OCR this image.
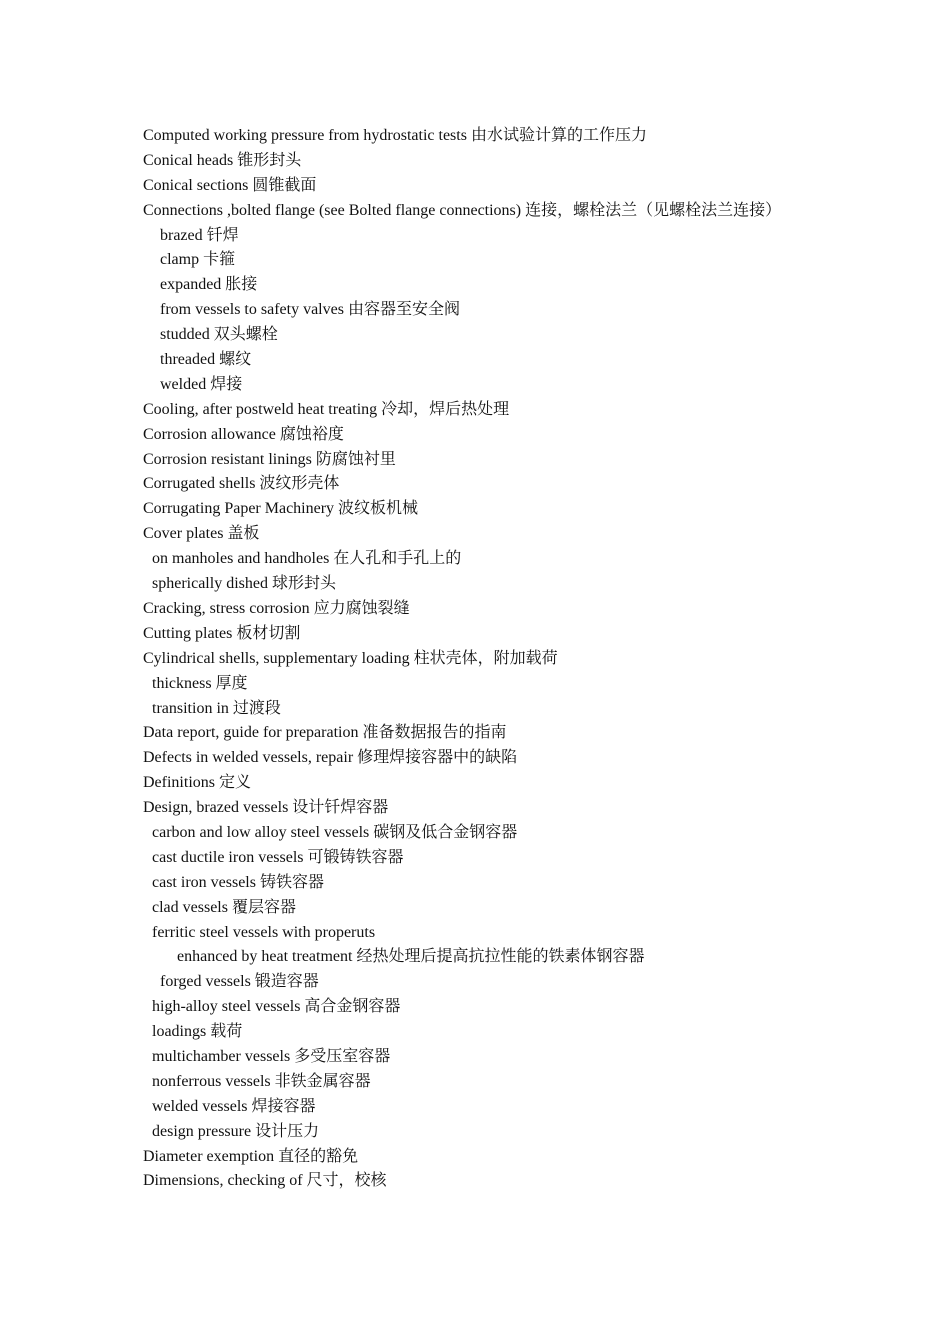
Computed working pressure from hydrostatic tests 由水试验计算的工作压力
Conical heads 锥形封头
Conical sections 圆锥截面
Connections ,bolted flange (see Bolted flange connections) 连接，螺栓法兰（见螺栓法兰连接）
brazed 钎焊
clamp 卡箍
expanded 胀接
from vessels to safety valves 由容器至安全阀
studded 双头螺栓
threaded 螺纹
welded 焊接
Cooling, after postweld heat treating 冷却，焊后热处理
Corrosion allowance 腐蚀裕度
Corrosion resistant linings 防腐蚀衬里
Corrugated shells 波纹形壳体
Corrugating Paper Machinery 波纹板机械
Cover plates 盖板
on manholes and handholes 在人孔和手孔上的
spherically dished 球形封头
Cracking, stress corrosion 应力腐蚀裂缝
Cutting plates 板材切割
Cylindrical shells, supplementary loading 柱状壳体，附加载荷
thickness 厚度
transition in 过渡段
Data report, guide for preparation 准备数据报告的指南
Defects in welded vessels, repair 修理焊接容器中的缺陷
Definitions 定义
Design, brazed vessels 设计钎焊容器
carbon and low alloy steel vessels 碳钢及低合金钢容器
cast ductile iron vessels 可锻铸铁容器
cast iron vessels 铸铁容器
clad vessels 覆层容器
ferritic steel vessels with properuts
enhanced by heat treatment 经热处理后提高抗拉性能的铁素体钢容器
forged vessels 锻造容器
high-alloy steel vessels 高合金钢容器
loadings 载荷
multichamber vessels 多受压室容器
nonferrous vessels 非铁金属容器
welded vessels 焊接容器
design pressure 设计压力
Diameter exemption 直径的豁免
Dimensions, checking of 尺寸，校核
